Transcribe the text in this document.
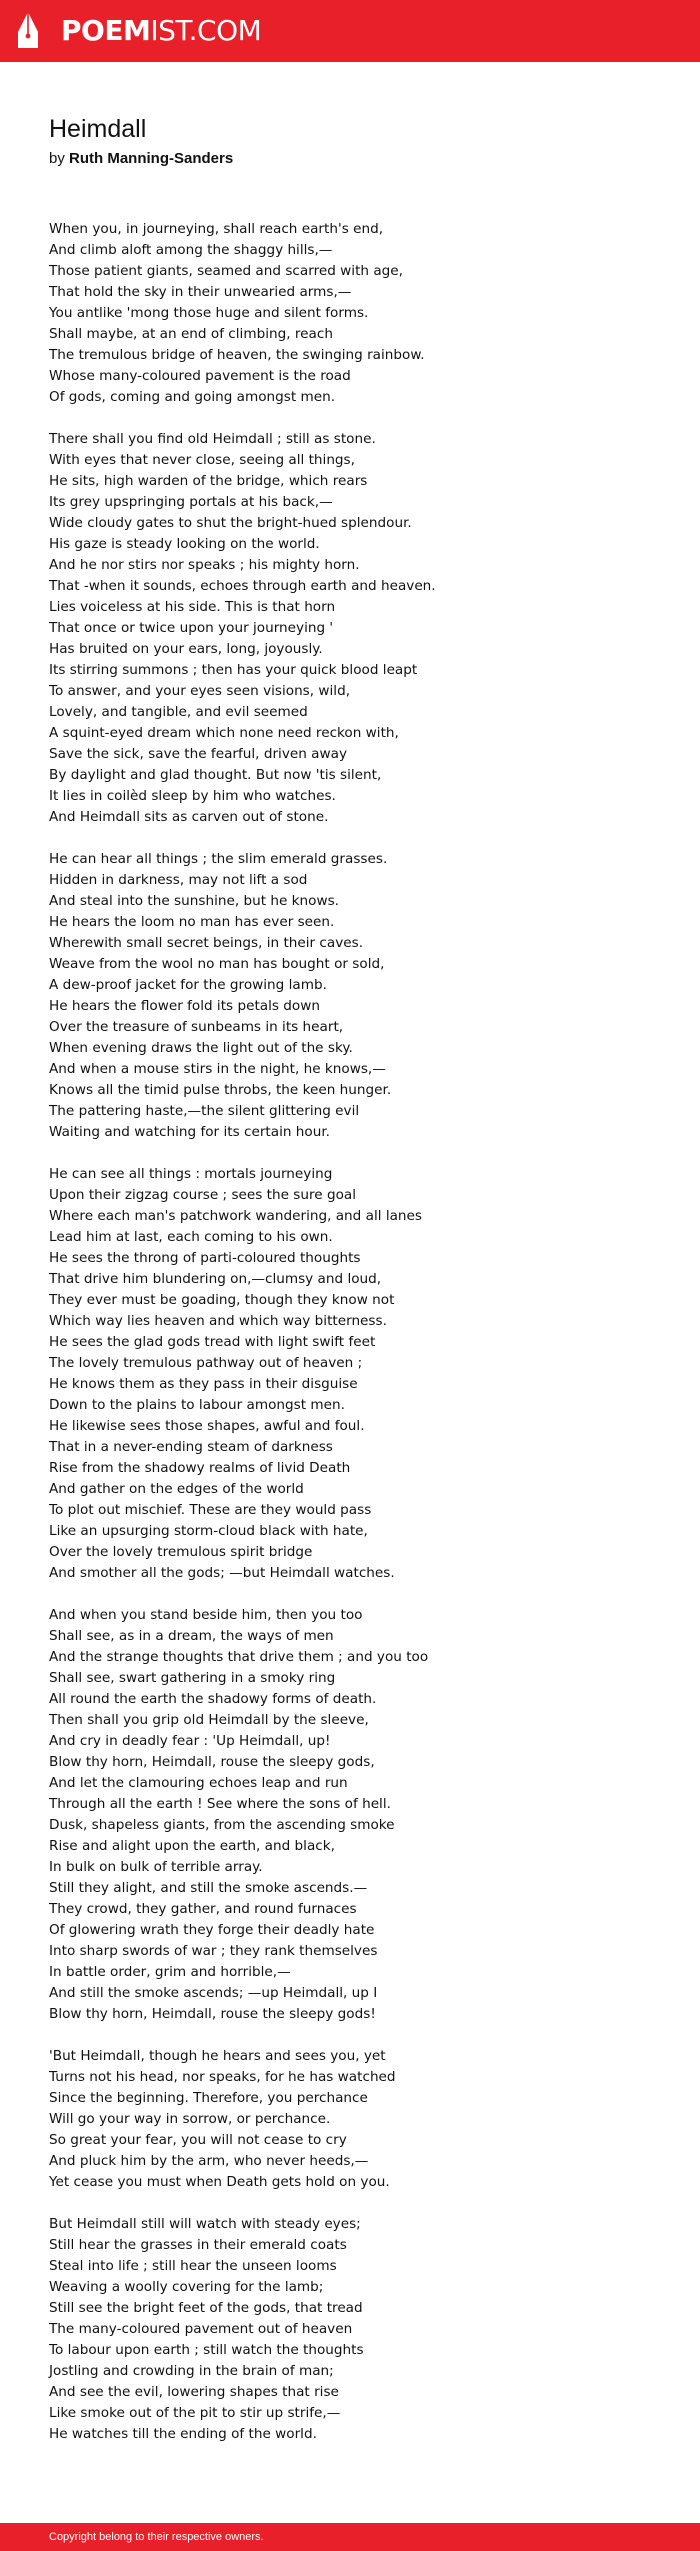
POEMIST.COM
Heimdall
by Ruth Manning-Sanders
When you, in journeying, shall reach earth's end,
And climb aloft among the shaggy hills,—
Those patient giants, seamed and scarred with age,
That hold the sky in their unwearied arms,—
You antlike 'mong those huge and silent forms.
Shall maybe, at an end of climbing, reach
The tremulous bridge of heaven, the swinging rainbow.
Whose many-coloured pavement is the road
Of gods, coming and going amongst men.
There shall you find old Heimdall ; still as stone.
With eyes that never close, seeing all things,
He sits, high warden of the bridge, which rears
Its grey upspringing portals at his back,—
Wide cloudy gates to shut the bright-hued splendour.
His gaze is steady looking on the world.
And he nor stirs nor speaks ; his mighty horn.
That -when it sounds, echoes through earth and heaven.
Lies voiceless at his side. This is that horn
That once or twice upon your journeying '
Has bruited on your ears, long, joyously.
Its stirring summons ; then has your quick blood leapt
To answer, and your eyes seen visions, wild,
Lovely, and tangible, and evil seemed
A squint-eyed dream which none need reckon with,
Save the sick, save the fearful, driven away
By daylight and glad thought. But now 'tis silent,
It lies in coilèd sleep by him who watches.
And Heimdall sits as carven out of stone.
He can hear all things ; the slim emerald grasses.
Hidden in darkness, may not lift a sod
And steal into the sunshine, but he knows.
He hears the loom no man has ever seen.
Wherewith small secret beings, in their caves.
Weave from the wool no man has bought or sold,
A dew-proof jacket for the growing lamb.
He hears the flower fold its petals down
Over the treasure of sunbeams in its heart,
When evening draws the light out of the sky.
And when a mouse stirs in the night, he knows,—
Knows all the timid pulse throbs, the keen hunger.
The pattering haste,—the silent glittering evil
Waiting and watching for its certain hour.
He can see all things : mortals journeying
Upon their zigzag course ; sees the sure goal
Where each man's patchwork wandering, and all lanes
Lead him at last, each coming to his own.
He sees the throng of parti-coloured thoughts
That drive him blundering on,—clumsy and loud,
They ever must be goading, though they know not
Which way lies heaven and which way bitterness.
He sees the glad gods tread with light swift feet
The lovely tremulous pathway out of heaven ;
He knows them as they pass in their disguise
Down to the plains to labour amongst men.
He likewise sees those shapes, awful and foul.
That in a never-ending steam of darkness
Rise from the shadowy realms of livid Death
And gather on the edges of the world
To plot out mischief. These are they would pass
Like an upsurging storm-cloud black with hate,
Over the lovely tremulous spirit bridge
And smother all the gods; —but Heimdall watches.
And when you stand beside him, then you too
Shall see, as in a dream, the ways of men
And the strange thoughts that drive them ; and you too
Shall see, swart gathering in a smoky ring
All round the earth the shadowy forms of death.
Then shall you grip old Heimdall by the sleeve,
And cry in deadly fear : 'Up Heimdall, up!
Blow thy horn, Heimdall, rouse the sleepy gods,
And let the clamouring echoes leap and run
Through all the earth ! See where the sons of hell.
Dusk, shapeless giants, from the ascending smoke
Rise and alight upon the earth, and black,
In bulk on bulk of terrible array.
Still they alight, and still the smoke ascends.—
They crowd, they gather, and round furnaces
Of glowering wrath they forge their deadly hate
Into sharp swords of war ; they rank themselves
In battle order, grim and horrible,—
And still the smoke ascends; —up Heimdall, up I
Blow thy horn, Heimdall, rouse the sleepy gods!
'But Heimdall, though he hears and sees you, yet
Turns not his head, nor speaks, for he has watched
Since the beginning. Therefore, you perchance
Will go your way in sorrow, or perchance.
So great your fear, you will not cease to cry
And pluck him by the arm, who never heeds,—
Yet cease you must when Death gets hold on you.
But Heimdall still will watch with steady eyes;
Still hear the grasses in their emerald coats
Steal into life ; still hear the unseen looms
Weaving a woolly covering for the lamb;
Still see the bright feet of the gods, that tread
The many-coloured pavement out of heaven
To labour upon earth ; still watch the thoughts
Jostling and crowding in the brain of man;
And see the evil, lowering shapes that rise
Like smoke out of the pit to stir up strife,—
He watches till the ending of the world.
Copyright belong to their respective owners.
